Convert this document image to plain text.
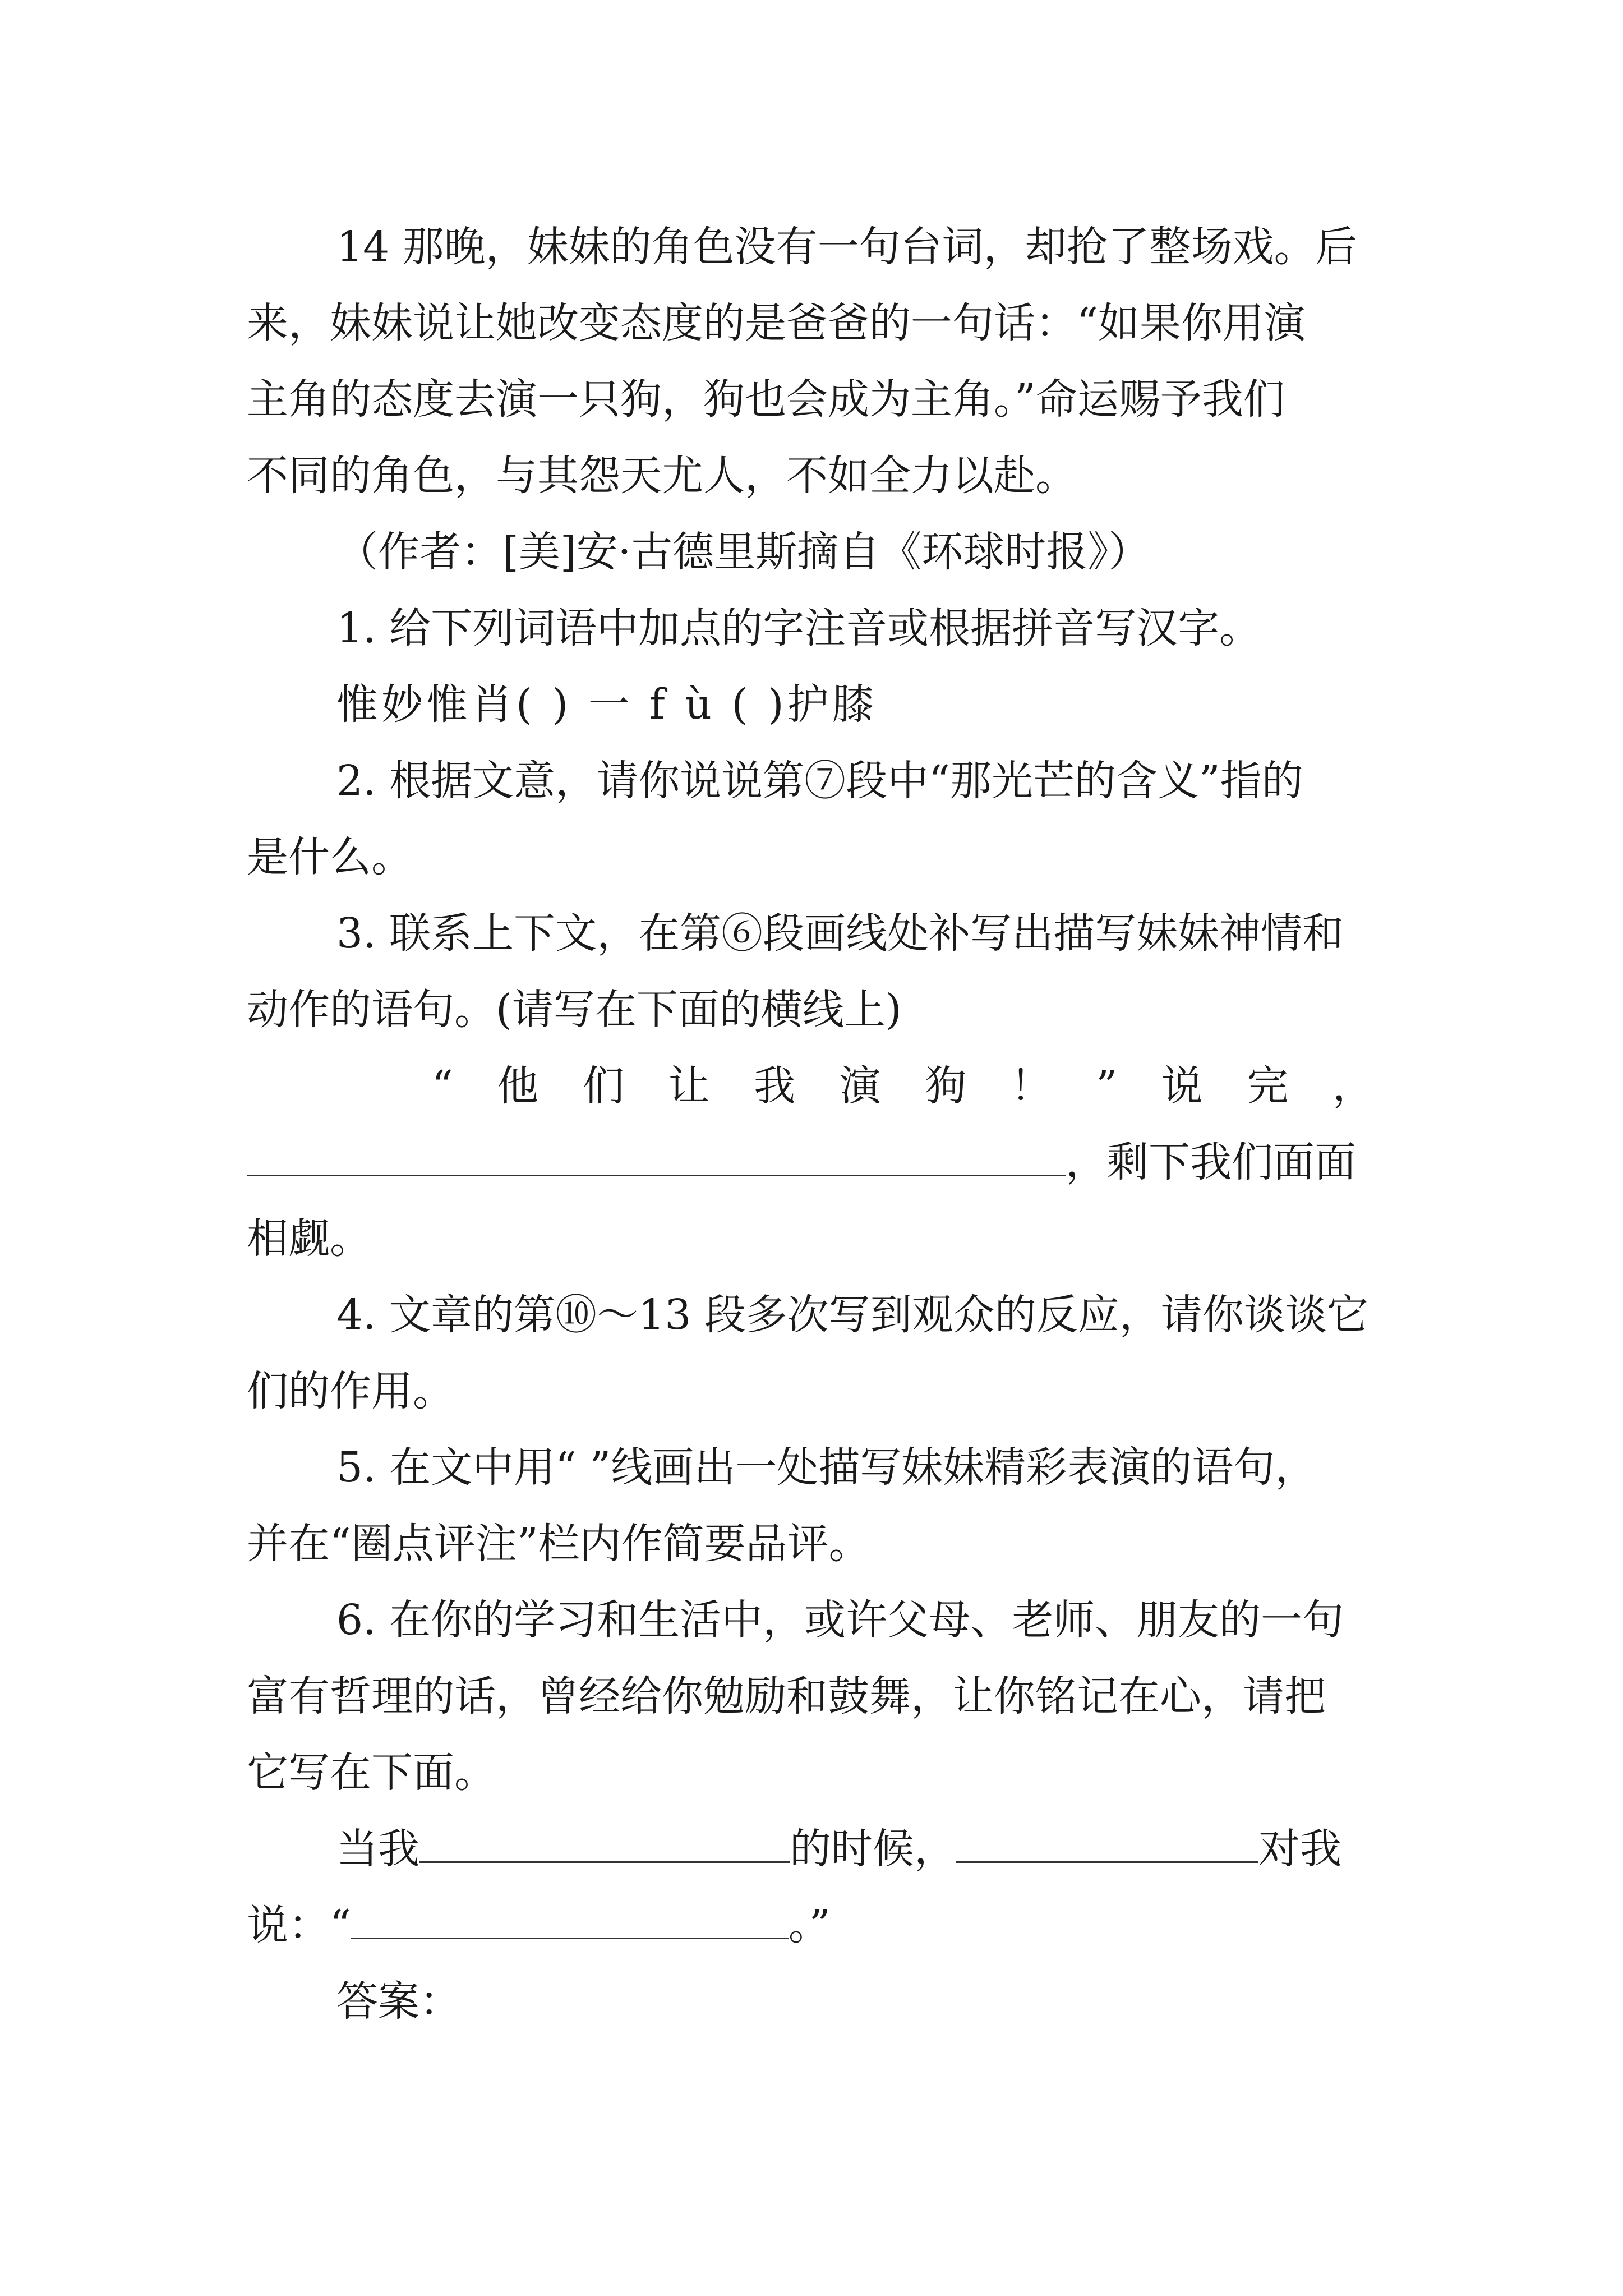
14 那晚，妹妹的角色没有一句台词，却抢了整场戏。后
来，妹妹说让她改变态度的是爸爸的一句话：“如果你用演
主角的态度去演一只狗，狗也会成为主角。”命运赐予我们
不同的角色，与其怨天尤人，不如全力以赴。
（作者：[美]安·古德里斯摘自《环球时报》）
1. 给下列词语中加点的字注音或根据拼音写汉字。
惟妙惟肖( ) 一 f ù ( )护膝
2. 根据文意，请你说说第⑦段中“那光芒的含义”指的
是什么。
3. 联系上下文，在第⑥段画线处补写出描写妹妹神情和
动作的语句。(请写在下面的横线上)
“ 他 们 让 我 演 狗 ！ ” 说 完 ，
，剩下我们面面
相觑。
4. 文章的第⑩～13 段多次写到观众的反应，请你谈谈它
们的作用。
5. 在文中用“ ”线画出一处描写妹妹精彩表演的语句，
并在“圈点评注”栏内作简要品评。
6. 在你的学习和生活中，或许父母、老师、朋友的一句
富有哲理的话，曾经给你勉励和鼓舞，让你铭记在心，请把
它写在下面。
当我	的时候，	对我
说：“	。”
答案：
